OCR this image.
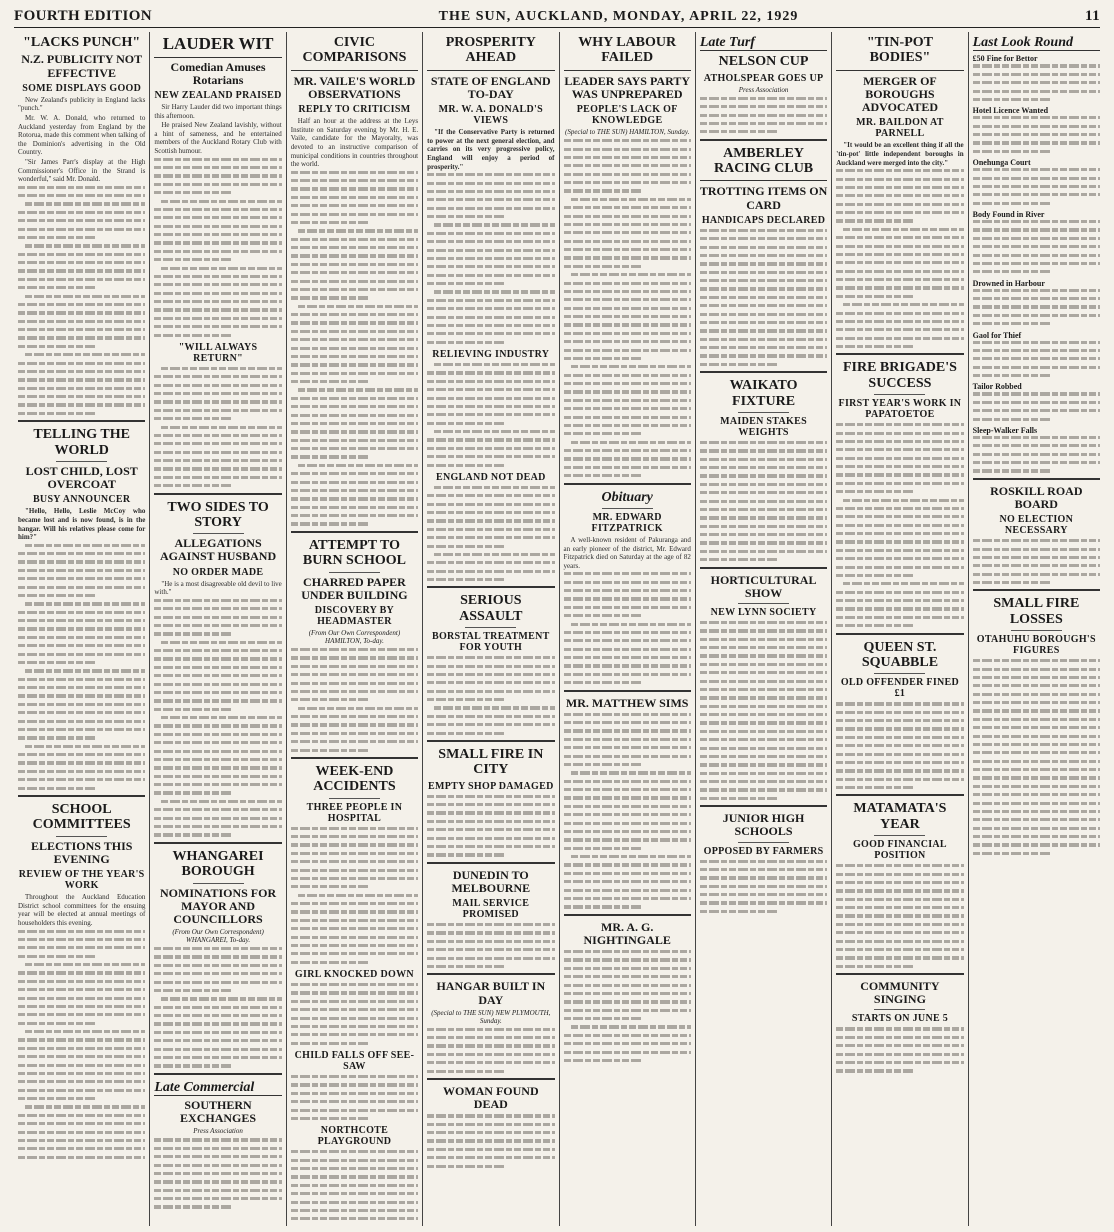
FOURTH EDITION	THE SUN, AUCKLAND, MONDAY, APRIL 22, 1929	11
"LACKS PUNCH"
N.Z. PUBLICITY NOT EFFECTIVE
SOME DISPLAYS GOOD

New Zealand's publicity in England lacks "punch."

Mr. W. A. Donald, who returned to Auckland yesterday from England by the Rotorua, made this comment when talking of the Dominion's advertising in the Old Country.

"Sir James Parr's display at the High Commissioner's Office in the Strand is wonderful," said Mr. Donald.

TELLING THE WORLD
LOST CHILD, LOST OVERCOAT
BUSY ANNOUNCER

"Hello, Hello, Leslie McCoy who became lost and is now found, is in the hangar. Will his relatives please come for him?"

SCHOOL COMMITTEES
ELECTIONS THIS EVENING
REVIEW OF THE YEAR'S WORK

Throughout the Auckland Education District school committees for the ensuing year will be elected at annual meetings of householders this evening.

LAUDER WIT
Comedian Amuses Rotarians
NEW ZEALAND PRAISED

Sir Harry Lauder did two important things this afternoon.

He praised New Zealand lavishly, without a hint of sameness, and he entertained members of the Auckland Rotary Club with Scottish humour.

"WILL ALWAYS RETURN"
TWO SIDES TO STORY
ALLEGATIONS AGAINST HUSBAND
NO ORDER MADE

"He is a most disagreeable old devil to live with."

WHANGAREI BOROUGH
NOMINATIONS FOR MAYOR AND COUNCILLORS
(From Our Own Correspondent) WHANGAREI, To-day.
Late Commercial
SOUTHERN EXCHANGES
Press Association
CIVIC COMPARISONS
MR. VAILE'S WORLD OBSERVATIONS
REPLY TO CRITICISM

Half an hour at the address at the Leys Institute on Saturday evening by Mr. H. E. Vaile, candidate for the Mayoralty, was devoted to an instructive comparison of municipal conditions in countries throughout the world.

ATTEMPT TO BURN SCHOOL
CHARRED PAPER UNDER BUILDING
DISCOVERY BY HEADMASTER
(From Our Own Correspondent) HAMILTON, To-day.
WEEK-END ACCIDENTS
THREE PEOPLE IN HOSPITAL
GIRL KNOCKED DOWN
CHILD FALLS OFF SEE-SAW
NORTHCOTE PLAYGROUND
PROSPERITY AHEAD
STATE OF ENGLAND TO-DAY
MR. W. A. DONALD'S VIEWS

"If the Conservative Party is returned to power at the next general election, and carries on its very progressive policy, England will enjoy a period of prosperity."

RELIEVING INDUSTRY
ENGLAND NOT DEAD
SERIOUS ASSAULT
BORSTAL TREATMENT FOR YOUTH
SMALL FIRE IN CITY
EMPTY SHOP DAMAGED
DUNEDIN TO MELBOURNE
MAIL SERVICE PROMISED
HANGAR BUILT IN DAY
(Special to THE SUN) NEW PLYMOUTH, Sunday.
WOMAN FOUND DEAD
WHY LABOUR FAILED
LEADER SAYS PARTY WAS UNPREPARED
PEOPLE'S LACK OF KNOWLEDGE
(Special to THE SUN) HAMILTON, Sunday.
Obituary
MR. EDWARD FITZPATRICK

A well-known resident of Pakuranga and an early pioneer of the district, Mr. Edward Fitzpatrick died on Saturday at the age of 82 years.

MR. MATTHEW SIMS
MR. A. G. NIGHTINGALE
Late Turf
NELSON CUP
ATHOLSPEAR GOES UP
Press Association
AMBERLEY RACING CLUB
TROTTING ITEMS ON CARD
HANDICAPS DECLARED
WAIKATO FIXTURE
MAIDEN STAKES WEIGHTS
HORTICULTURAL SHOW
NEW LYNN SOCIETY
JUNIOR HIGH SCHOOLS
OPPOSED BY FARMERS
"TIN-POT BODIES"
MERGER OF BOROUGHS ADVOCATED
MR. BAILDON AT PARNELL

"It would be an excellent thing if all the 'tin-pot' little independent boroughs in Auckland were merged into the city."

FIRE BRIGADE'S SUCCESS
FIRST YEAR'S WORK IN PAPATOETOE
QUEEN ST. SQUABBLE
OLD OFFENDER FINED £1
MATAMATA'S YEAR
GOOD FINANCIAL POSITION
COMMUNITY SINGING
STARTS ON JUNE 5
Last Look Round
£50 Fine for Bettor
Hotel Licence Wanted
Onehunga Court
Body Found in River
Drowned in Harbour
Gaol for Thief
Tailor Robbed
Sleep-Walker Falls
ROSKILL ROAD BOARD
NO ELECTION NECESSARY
SMALL FIRE LOSSES
OTAHUHU BOROUGH'S FIGURES
